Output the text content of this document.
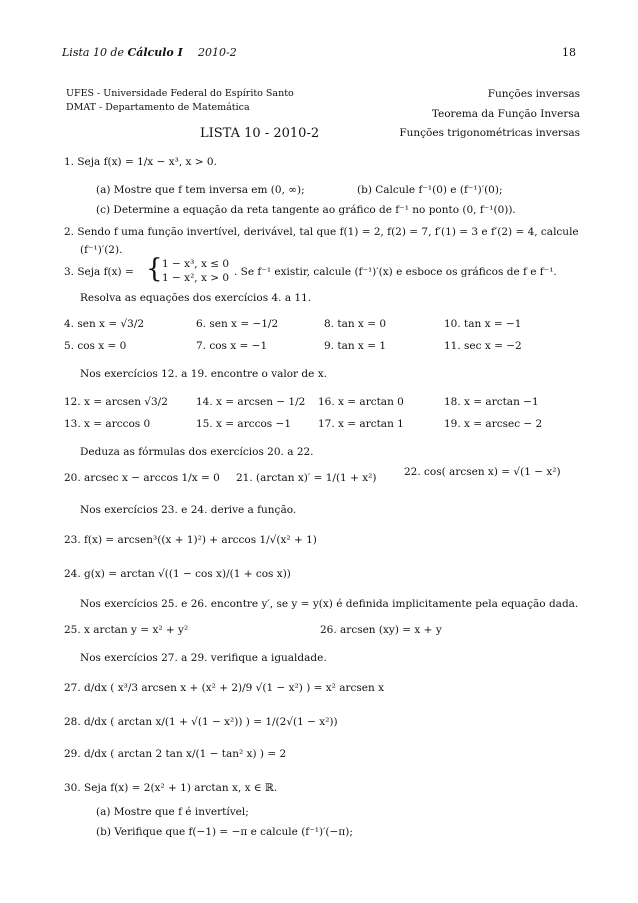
Lista 10 de Cálculo I 2010-2	18
UFES - Universidade Federal do Espírito Santo
DMAT - Departamento de Matemática
Funções inversas
Teorema da Função Inversa
Funções trigonométricas inversas
LISTA 10 - 2010-2
1. Seja f(x) = 1/x − x³, x > 0.
(a) Mostre que f tem inversa em (0, ∞);	(b) Calcule f⁻¹(0) e (f⁻¹)′(0);
(c) Determine a equação da reta tangente ao gráfico de f⁻¹ no ponto (0, f⁻¹(0)).
2. Sendo f uma função invertível, derivável, tal que f(1) = 2, f(2) = 7, f′(1) = 3 e f′(2) = 4, calcule
(f⁻¹)′(2).
3. Seja f(x) = { 1 − x³, x ≤ 0
1 − x², x > 0 . Se f⁻¹ existir, calcule (f⁻¹)′(x) e esboce os gráficos de f e f⁻¹.
Resolva as equações dos exercícios 4. a 11.
4. sen x = √3/2	6. sen x = −1/2	8. tan x = 0	10. tan x = −1
5. cos x = 0	7. cos x = −1	9. tan x = 1	11. sec x = −2
Nos exercícios 12. a 19. encontre o valor de x.
12. x = arcsen √3/2	14. x = arcsen − 1/2 16. x = arctan 0	18. x = arctan −1
13. x = arccos 0	15. x = arccos −1	17. x = arctan 1	19. x = arcsec − 2
Deduza as fórmulas dos exercícios 20. a 22.
20. arcsec x − arccos 1/x = 0 21. (arctan x)′ = 1/(1 + x²)	22. cos( arcsen x) = √(1 − x²)
Nos exercícios 23. e 24. derive a função.
23. f(x) = arcsen³((x + 1)²) + arccos 1/√(x² + 1)
24. g(x) = arctan √((1 − cos x)/(1 + cos x))
Nos exercícios 25. e 26. encontre y′, se y = y(x) é definida implicitamente pela equação dada.
25. x arctan y = x² + y²	26. arcsen (xy) = x + y
Nos exercícios 27. a 29. verifique a igualdade.
27. d/dx ( x³/3 arcsen x + (x² + 2)/9 √(1 − x²) ) = x² arcsen x
28. d/dx ( arctan x/(1 + √(1 − x²)) ) = 1/(2√(1 − x²))
29. d/dx ( arctan 2 tan x/(1 − tan² x) ) = 2
30. Seja f(x) = 2(x² + 1) arctan x, x ∈ ℝ.
(a) Mostre que f é invertível;
(b) Verifique que f(−1) = −π e calcule (f⁻¹)′(−π);
